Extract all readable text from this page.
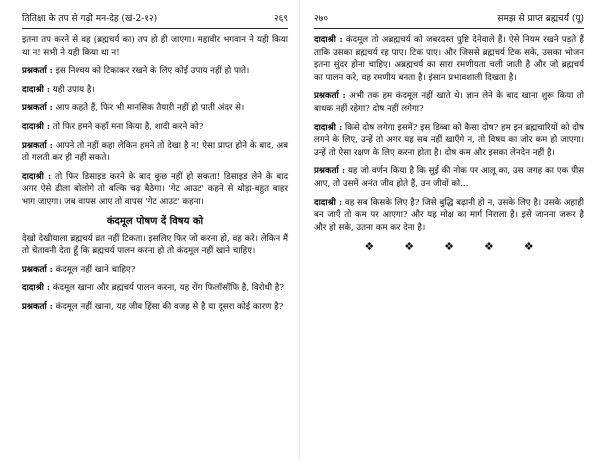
तितिक्षा के तप से गढ़ो मन-देह (खं-2-१२)	२६९

इतना तप करने से वह (ब्रह्मचर्य का) तप हो ही जाएगा। महावीर भगवान ने यही किया था न! सभी ने यही किया था न!

प्रश्नकर्ता : इस निश्चय को टिकाकर रखने के लिए कोई उपाय नहीं हो पाते।

दादाश्री : यही उपाय है।

प्रश्नकर्ता : आप कहते हैं, फिर भी मानसिक तैयारी नहीं हो पाती अंदर से।

दादाश्री : तो फिर हमने कहाँ मना किया है, शादी करने को?

प्रश्नकर्ता : आपने तो नहीं कहा लेकिन हमने तो देखा है न! ऐसा प्राप्त होने के बाद, अब तो गलती कर ही नहीं सकते।

दादाश्री : तो फिर डिसाइड करने के बाद कुछ नहीं हो सकता! डिसाइड लेने के बाद अगर ऐसे ढीला बोलोगे तो बल्कि चढ़ बैठेगा। 'गेट आउट' कहने से थोड़ा-बहुत बाहर भाग जाएगा। जब वापस आए तो वापस 'गेट आउट' कहना।

कंदमूल पोषण दें विषय को

देखो देखीयाला ब्रह्मचर्य व्रत नहीं टिकता। इसलिए फिर जो करना हो, वह करे। लेकिन मैं तो चेतावनी देता हूँ कि ब्रह्मचर्य पालन करना हो तो कंदमूल नहीं खाने चाहिए।

प्रश्नकर्ता : कंदमूल नहीं खाने चाहिए?

दादाश्री : कंदमूल खाना और ब्रह्मचर्य पालन करना, यह रोंग फिलॉसॉफि है, विरोधी है?

प्रश्नकर्ता : कंदमूल नहीं खाना, यह जीव हिंसा की वजह से है या दूसरा कोई कारण है?

२७०	समझ से प्राप्त ब्रह्मचर्य (पू)

दादाश्री : कंदमूल तो अब्रह्मचर्य को जबरदस्त पुष्टि देनेवाले हैं। ऐसे नियम रखने पड़ते हैं ताकि उसका ब्रह्मचर्य रह पाए। टिक पाए। और जिससे ब्रह्मचर्य टिक सके, उसका भोजन इतना सुंदर होना चाहिए। अब्रह्मचर्य का सारा रमणीयता चली जाती है और जो ब्रह्मचर्य का पालन करे, वह रमणीय बनता है। इंसान प्रभावशाली दिखता है।

प्रश्नकर्ता : अभी तक हम कंदमूल नहीं खाते थे। ज्ञान लेने के बाद खाना शुरू किया तो बाधक नहीं रहेगा? दोष नहीं लगेगा?

दादाश्री : किसे दोष लगेगा इसमें? इस डिब्बा को कैसा दोष? हम इन ब्रह्मचारियों को दोष लगने के लिए, उन्हें तो अगर यह सब नहीं खाएँगे न, तो विषय का जोर कम हो जाएगा। उन्हें तो ऐसा रक्षण के लिए करना होता है। दोष कम और इसका लेनदेन नहीं है।

प्रश्नकर्ता : यह जो वर्णन किया है कि सुई की नोक पर आलू का, उस जगह का एक पीस आए, तो उसमें अनंत जीव होते हैं, उन जीवों को...

दादाश्री : वह सब किसके लिए है? जिसे बुद्धि बढ़ानी हो न, उसके लिए है। उसके अहाही बन जाएँ तो कम पर आएगा? और यह मोक्ष का मार्ग निराला है। इसे जानना जरूर है और हो सके, उतना कम कर देना है।

❖	❖	❖	❖	❖
